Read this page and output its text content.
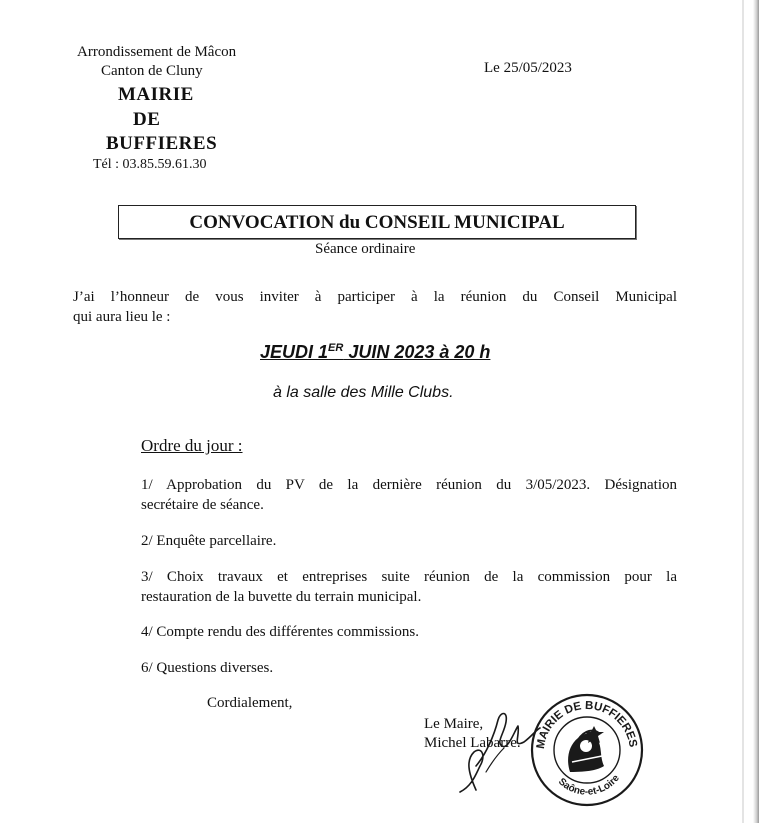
Arrondissement de Mâcon
Canton de Cluny
MAIRIE
DE
BUFFIERES
Tél : 03.85.59.61.30
Le 25/05/2023
CONVOCATION du CONSEIL MUNICIPAL
Séance ordinaire
J’ai l’honneur de vous inviter à participer à la réunion du Conseil Municipal
qui aura lieu le :
JEUDI 1ER JUIN 2023 à 20 h
à la salle des Mille Clubs.
Ordre du jour :
1/ Approbation du PV de la dernière réunion du 3/05/2023. Désignation
secrétaire de séance.
2/ Enquête parcellaire.
3/ Choix travaux et entreprises suite réunion de la commission pour la
restauration de la buvette du terrain municipal.
4/ Compte rendu des différentes commissions.
6/ Questions diverses.
Cordialement,
Le Maire,
Michel Labarre. MAIRIE DE BUFFIERES
Saône-et-Loire
